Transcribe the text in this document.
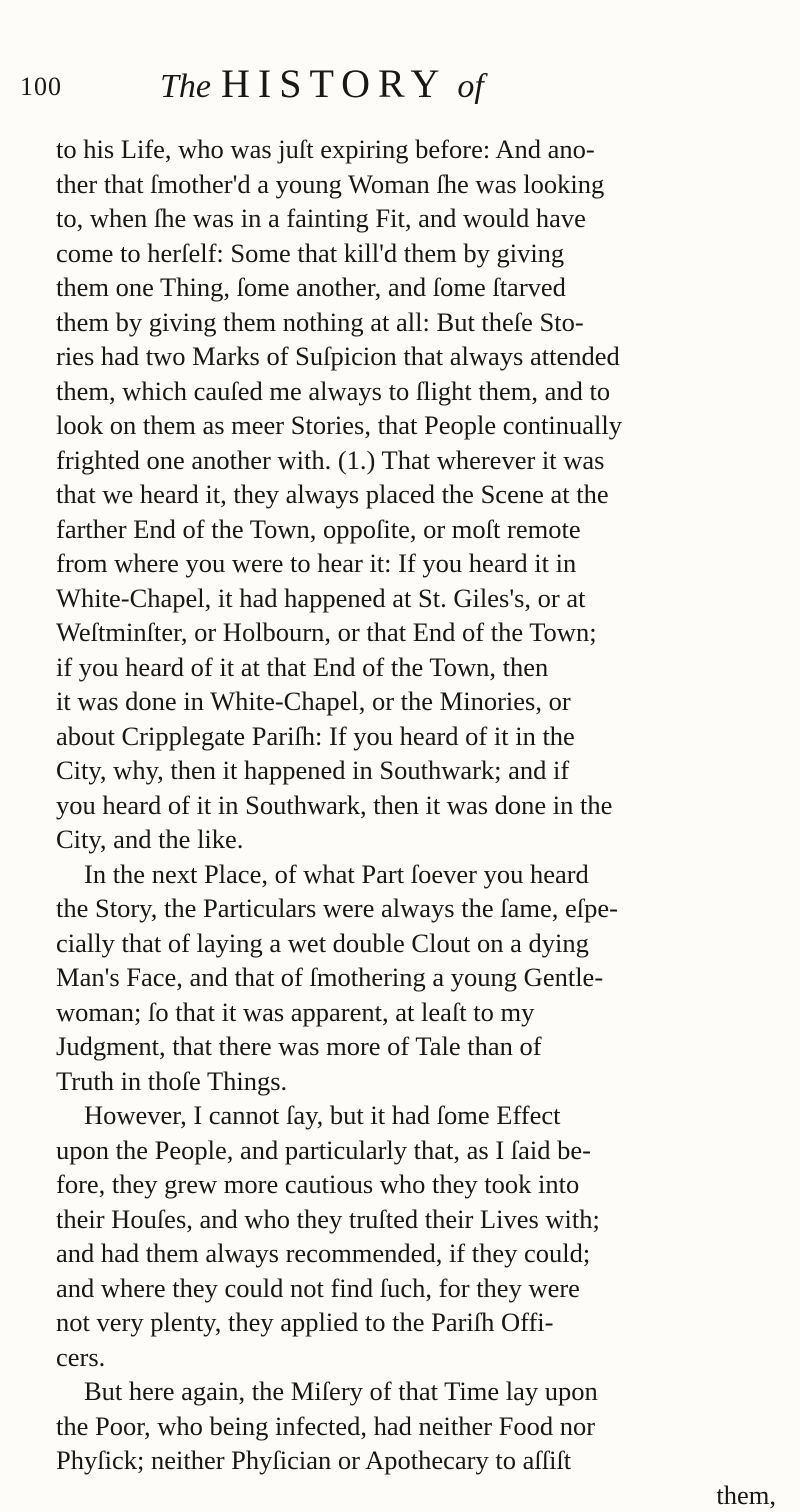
100	The HISTORY of
to his Life, who was juſt expiring before: And ano-
ther that ſmother'd a young Woman ſhe was looking
to, when ſhe was in a fainting Fit, and would have
come to herſelf: Some that kill'd them by giving
them one Thing, ſome another, and ſome ſtarved
them by giving them nothing at all: But theſe Sto-
ries had two Marks of Suſpicion that always attended
them, which cauſed me always to ſlight them, and to
look on them as meer Stories, that People continually
frighted one another with. (1.) That wherever it was
that we heard it, they always placed the Scene at the
farther End of the Town, oppoſite, or moſt remote
from where you were to hear it: If you heard it in
White-Chapel, it had happened at St. Giles's, or at
Weſtminſter, or Holbourn, or that End of the Town;
if you heard of it at that End of the Town, then
it was done in White-Chapel, or the Minories, or
about Cripplegate Pariſh: If you heard of it in the
City, why, then it happened in Southwark; and if
you heard of it in Southwark, then it was done in the
City, and the like.
In the next Place, of what Part ſoever you heard
the Story, the Particulars were always the ſame, eſpe-
cially that of laying a wet double Clout on a dying
Man's Face, and that of ſmothering a young Gentle-
woman; ſo that it was apparent, at leaſt to my
Judgment, that there was more of Tale than of
Truth in thoſe Things.
However, I cannot ſay, but it had ſome Effect
upon the People, and particularly that, as I ſaid be-
fore, they grew more cautious who they took into
their Houſes, and who they truſted their Lives with;
and had them always recommended, if they could;
and where they could not find ſuch, for they were
not very plenty, they applied to the Pariſh Offi-
cers.
But here again, the Miſery of that Time lay upon
the Poor, who being infected, had neither Food nor
Phyſick; neither Phyſician or Apothecary to aſſiſt
them,
